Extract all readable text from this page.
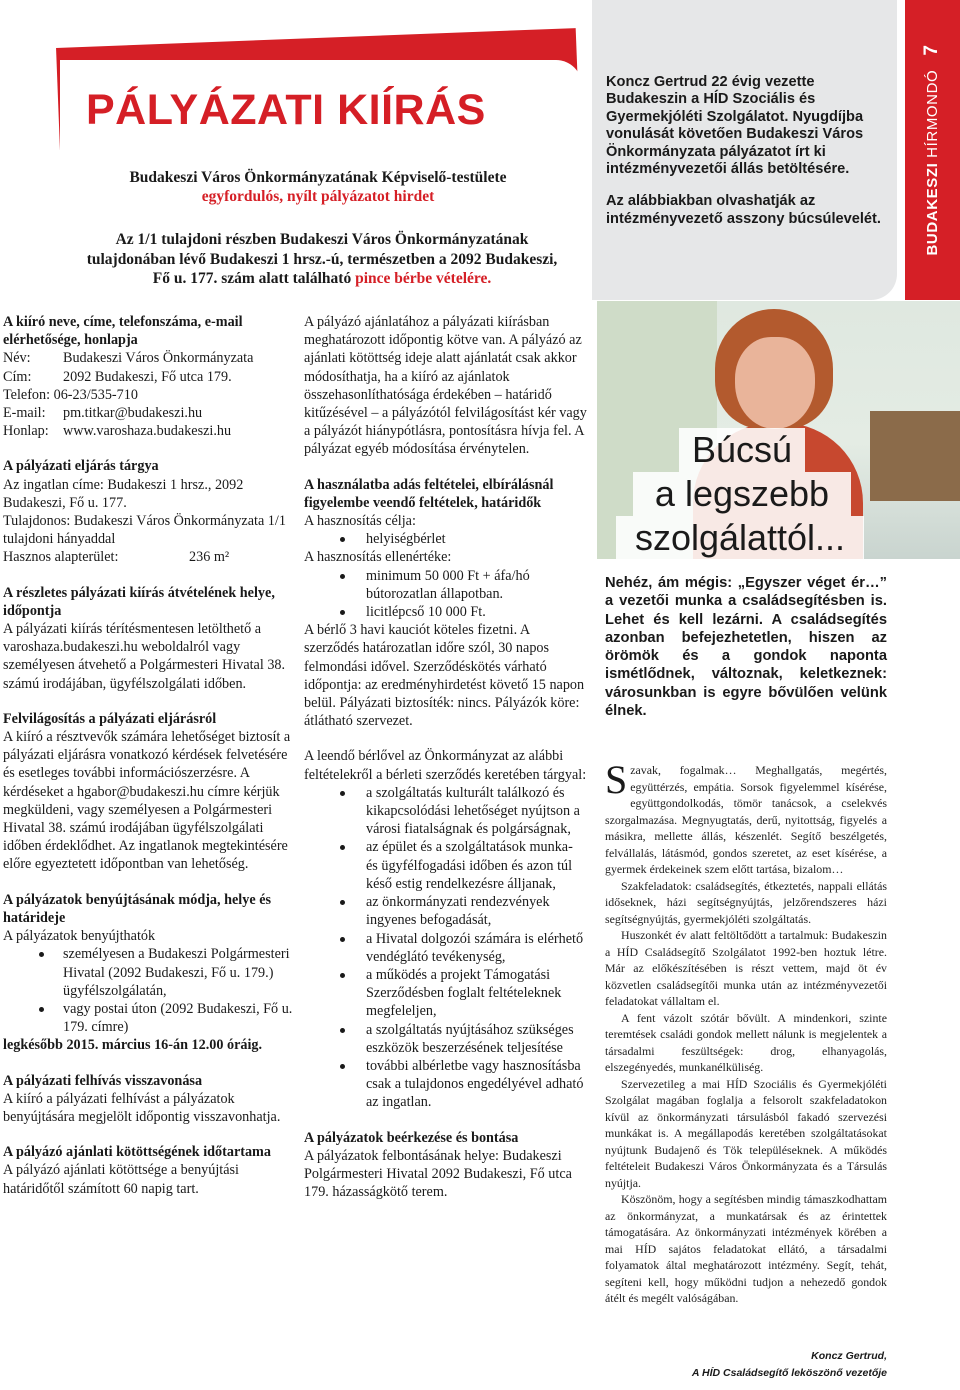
PÁLYÁZATI KIÍRÁS
Budakeszi Város Önkormányzatának Képviselő-testülete
egyfordulós, nyílt pályázatot hirdet
Az 1/1 tulajdoni részben Budakeszi Város Önkormányzatának
tulajdonában lévő Budakeszi 1 hrsz.-ú, természetben a 2092 Budakeszi,
Fő u. 177. szám alatt található pince bérbe vételére.

Koncz Gertrud 22 évig vezette Budakeszin a HÍD Szociális és Gyermekjóléti Szolgálatot. Nyugdíjba vonulását követően Budakeszi Város Önkormányzata pályázatot írt ki intézményvezetői állás betöltésére.

Az alábbiakban olvashatják az intézményvezető asszony búcsúlevelét.	BUDAKESZI HÍRMONDÓ7

A kiíró neve, címe, telefonszáma, e-mail elérhetősége, honlapja

Név:	Budakeszi Város Önkormányzata
Cím:	2092 Budakeszi, Fő utca 179.

Telefon: 06-23/535-710

E-mail:	pm.titkar@budakeszi.hu
Honlap:	www.varoshaza.budakeszi.hu

A pályázati eljárás tárgya

Az ingatlan címe: Budakeszi 1 hrsz., 2092 Budakeszi, Fő u. 177.

Tulajdonos: Budakeszi Város Önkormányzata 1/1 tulajdoni hányaddal

Hasznos alapterület:	236 m²

A részletes pályázati kiírás átvételének helye, időpontja

A pályázati kiírás térítésmentesen letölthető a varoshaza.budakeszi.hu weboldalról vagy személyesen átvehető a Polgármesteri Hivatal 38. számú irodájában, ügyfélszolgálati időben.

Felvilágosítás a pályázati eljárásról

A kiíró a résztvevők számára lehetőséget biztosít a pályázati eljárásra vonatkozó kérdések felvetésére és esetleges további információszerzésre. A kérdéseket a hgabor@budakeszi.hu címre kérjük megküldeni, vagy személyesen a Polgármesteri Hivatal 38. számú irodájában ügyfélszolgálati időben érdeklődhet. Az ingatlanok megtekintésére előre egyeztetett időpontban van lehetőség.

A pályázatok benyújtásának módja, helye és határideje

A pályázatok benyújthatók

személyesen a Budakeszi Polgármesteri Hivatal (2092 Budakeszi, Fő u. 179.) ügyfélszolgálatán,
vagy postai úton (2092 Budakeszi, Fő u. 179. címre)

legkésőbb 2015. március 16-án 12.00 óráig.

A pályázati felhívás visszavonása

A kiíró a pályázati felhívást a pályázatok benyújtására megjelölt időpontig visszavonhatja.

A pályázó ajánlati kötöttségének időtartama

A pályázó ajánlati kötöttsége a benyújtási határidőtől számított 60 napig tart.

A pályázó ajánlatához a pályázati kiírásban meghatározott időpontig kötve van. A pályázó az ajánlati kötöttség ideje alatt ajánlatát csak akkor módosíthatja, ha a kiíró az ajánlatok összehasonlíthatósága érdekében – határidő kitűzésével – a pályázótól felvilágosítást kér vagy a pályázót hiánypótlásra, pontosításra hívja fel. A pályázat egyéb módosítása érvénytelen.

A használatba adás feltételei, elbírálásnál figyelembe veendő feltételek, határidők

A hasznosítás célja:

helyiségbérlet

A hasznosítás ellenértéke:

minimum 50 000 Ft + áfa/hó bútorozatlan állapotban.
licitlépcső 10 000 Ft.

A bérlő 3 havi kauciót köteles fizetni. A szerződés határozatlan időre szól, 30 napos felmondási idővel. Szerződéskötés várható időpontja: az eredményhirdetést követő 15 napon belül. Pályázati biztosíték: nincs. Pályázók köre: átlátható szervezet.

A leendő bérlővel az Önkormányzat az alábbi feltételekről a bérleti szerződés keretében tárgyal:

a szolgáltatás kulturált találkozó és kikapcsolódási lehetőséget nyújtson a városi fiatalságnak és polgárságnak,
az épület és a szolgáltatások munka- és ügyfélfogadási időben és azon túl késő estig rendelkezésre álljanak,
az önkormányzati rendezvények ingyenes befogadását,
a Hivatal dolgozói számára is elérhető vendéglátó tevékenység,
a működés a projekt Támogatási Szerződésben foglalt feltételeknek megfeleljen,
a szolgáltatás nyújtásához szükséges eszközök beszerzésének teljesítése
további albérletbe vagy hasznosításba csak a tulajdonos engedélyével adható az ingatlan.

A pályázatok beérkezése és bontása

A pályázatok felbontásának helye: Budakeszi Polgármesteri Hivatal 2092 Budakeszi, Fő utca 179. házasságkötő terem.

Búcsú
a legszebb
szolgálattól...
Nehéz, ám mégis: „Egyszer véget ér…” a vezetői munka a családsegítésben is. Lehet és kell lezárni. A családsegítés azonban befejezhetetlen, hiszen az örömök és a gondok naponta ismétlődnek, változnak, keletkeznek: városunkban is egyre bővülően velünk élnek.

Szavak, fogalmak… Meghallgatás, megértés, együttérzés, empátia. Sorsok figyelemmel kísérése, együttgondolkodás, tömör tanácsok, a cselekvés szorgalmazása. Megnyugtatás, derű, nyitottság, figyelés a másikra, mellette állás, készenlét. Segítő beszélgetés, felvállalás, látásmód, gondos szeretet, az eset kísérése, a gyermek érdekeinek szem előtt tartása, bizalom…

Szakfeladatok: családsegítés, étkeztetés, nappali ellátás időseknek, házi segítségnyújtás, jelzőrendszeres házi segítségnyújtás, gyermekjóléti szolgáltatás.

Huszonkét év alatt feltöltődött a tartalmuk: Budakeszin a HÍD Családsegítő Szolgálatot 1992-ben hoztuk létre. Már az előkészítésében is részt vettem, majd öt év közvetlen családsegítői munka után az intézményvezetői feladatokat vállaltam el.

A fent vázolt szótár bővült. A mindenkori, szinte teremtések családi gondok mellett nálunk is megjelentek a társadalmi feszültségek: drog, elhanyagolás, elszegényedés, munkanélküliség.

Szervezetileg a mai HÍD Szociális és Gyermekjóléti Szolgálat magában foglalja a felsorolt szakfeladatokon kívül az önkormányzati társulásból fakadó szervezési munkákat is. A megállapodás keretében szolgáltatásokat nyújtunk Budajenő és Tök településeknek. A működés feltételeit Budakeszi Város Önkormányzata és a Társulás nyújtja.

Köszönöm, hogy a segítésben mindig támaszkodhattam az önkormányzat, a munkatársak és az érintettek támogatására. Az önkormányzati intézmények körében a mai HÍD sajátos feladatokat ellátó, a társadalmi folyamatok által meghatározott intézmény. Segít, tehát, segíteni kell, hogy működni tudjon a nehezedő gondok átélt és megélt valóságában.

Koncz Gertrud,
A HÍD Családsegítő leköszönő vezetője
